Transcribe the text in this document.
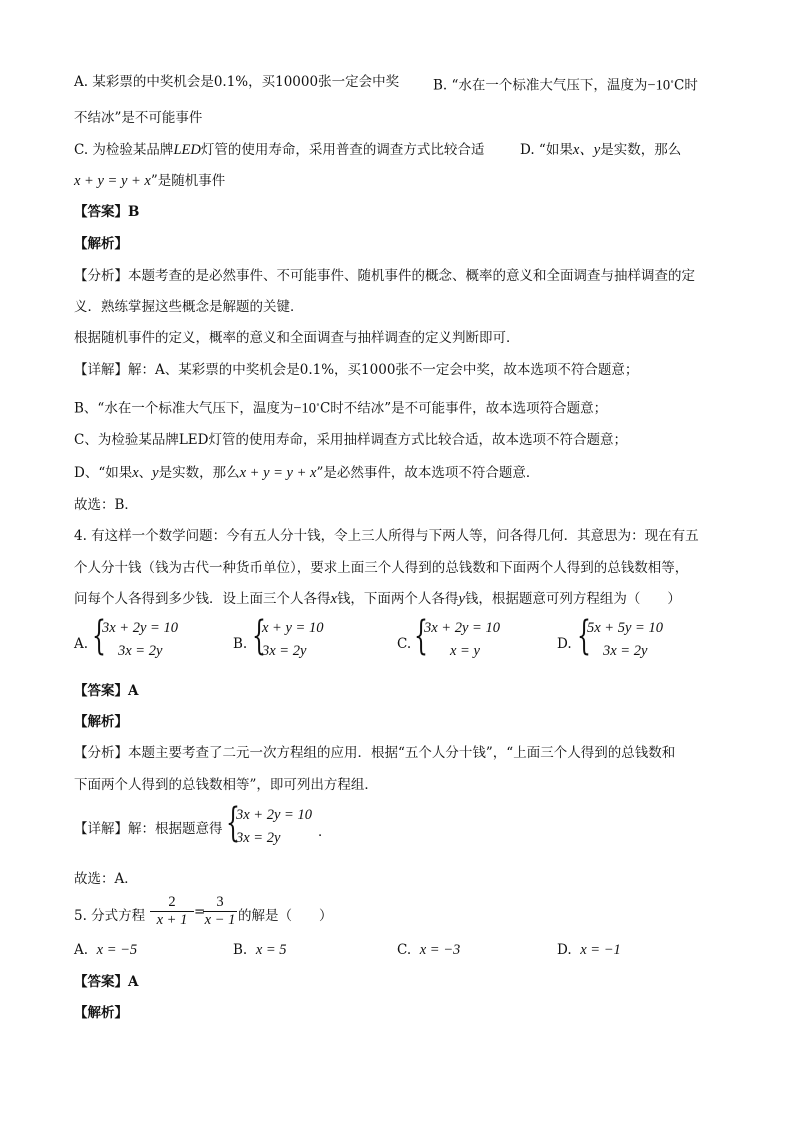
A. 某彩票的中奖机会是0.1%，买10000张一定会中奖	B. “水在一个标准大气压下，温度为−10∘C时
不结冰”是不可能事件
C. 为检验某品牌LED灯管的使用寿命，采用普查的调查方式比较合适	D. “如果x、y是实数，那么
x + y = y + x”是随机事件
【答案】B
【解析】
【分析】本题考查的是必然事件、不可能事件、随机事件的概念、概率的意义和全面调查与抽样调查的定
义．熟练掌握这些概念是解题的关键．
根据随机事件的定义，概率的意义和全面调查与抽样调查的定义判断即可．
【详解】解：A、某彩票的中奖机会是0.1%，买1000张不一定会中奖，故本选项不符合题意；
B、“水在一个标准大气压下，温度为−10∘C时不结冰”是不可能事件，故本选项符合题意；
C、为检验某品牌LED灯管的使用寿命，采用抽样调查方式比较合适，故本选项不符合题意；
D、“如果x、y是实数，那么x + y = y + x”是必然事件，故本选项不符合题意．
故选：B．
4. 有这样一个数学问题：今有五人分十钱，令上三人所得与下两人等，问各得几何．其意思为：现在有五
个人分十钱（钱为古代一种货币单位），要求上面三个人得到的总钱数和下面两个人得到的总钱数相等，
问每个人各得到多少钱．设上面三个人各得x钱，下面两个人各得y钱，根据题意可列方程组为（　　）
A. {
3x + 2y = 10
3x = 2y	B. {
x + y = 10
3x = 2y	C. {
3x + 2y = 10
x = y	D. {
5x + 5y = 10
3x = 2y
【答案】A
【解析】
【分析】本题主要考查了二元一次方程组的应用．根据“五个人分十钱”，“上面三个人得到的总钱数和
下面两个人得到的总钱数相等”，即可列出方程组．
【详解】解：根据题意得 {
3x + 2y = 10
3x = 2y	．
故选：A．
5. 分式方程
2
x + 1 =
3
x − 1 的解是（　　）
A. x = −5	B. x = 5	C. x = −3	D. x = −1
【答案】A
【解析】
